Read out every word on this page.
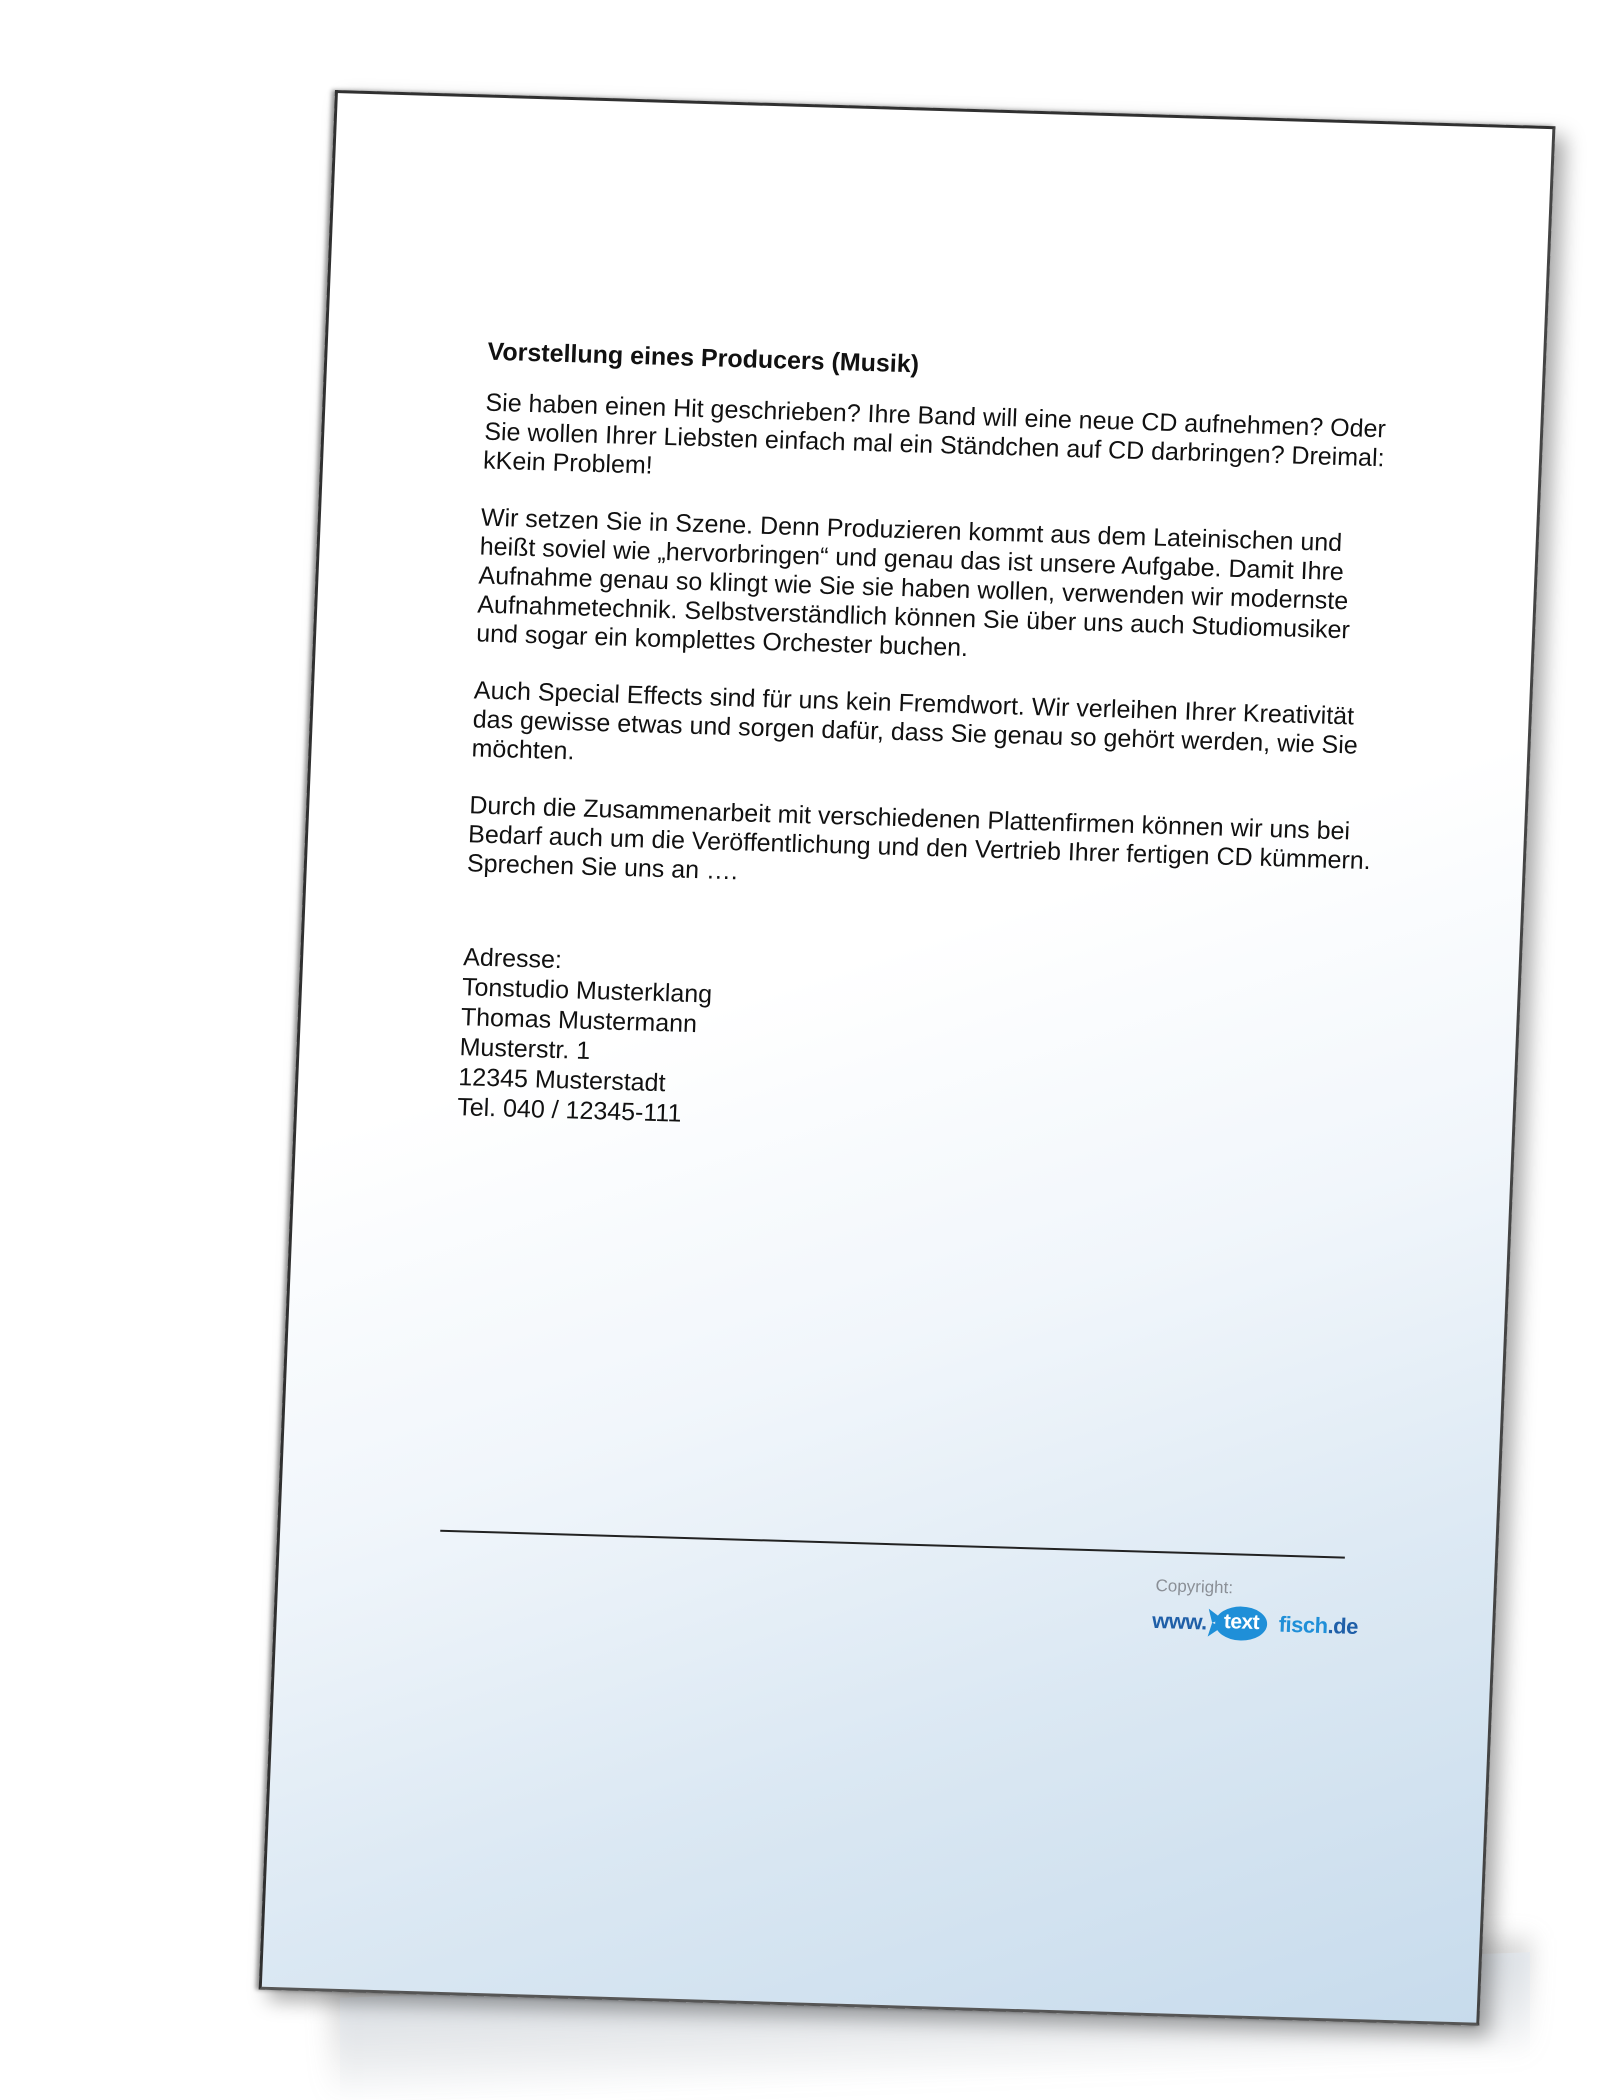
Vorstellung eines Producers (Musik)
Sie haben einen Hit geschrieben? Ihre Band will eine neue CD aufnehmen? Oder Sie wollen Ihrer Liebsten einfach mal ein Ständchen auf CD darbringen? Dreimal: kKein Problem!
Wir setzen Sie in Szene. Denn Produzieren kommt aus dem Lateinischen und heißt soviel wie „hervorbringen“ und genau das ist unsere Aufgabe. Damit Ihre Aufnahme genau so klingt wie Sie sie haben wollen, verwenden wir modernste Aufnahmetechnik. Selbstverständlich können Sie über uns auch Studiomusiker und sogar ein komplettes Orchester buchen.
Auch Special Effects sind für uns kein Fremdwort. Wir verleihen Ihrer Kreativität das gewisse etwas und sorgen dafür, dass Sie genau so gehört werden, wie Sie möchten.
Durch die Zusammenarbeit mit verschiedenen Plattenfirmen können wir uns bei Bedarf auch um die Veröffentlichung und den Vertrieb Ihrer fertigen CD kümmern. Sprechen Sie uns an ….
Adresse:
Tonstudio Musterklang
Thomas Mustermann
Musterstr. 1
12345 Musterstadt
Tel. 040 / 12345-111
Copyright:
www. text fisch
.de
